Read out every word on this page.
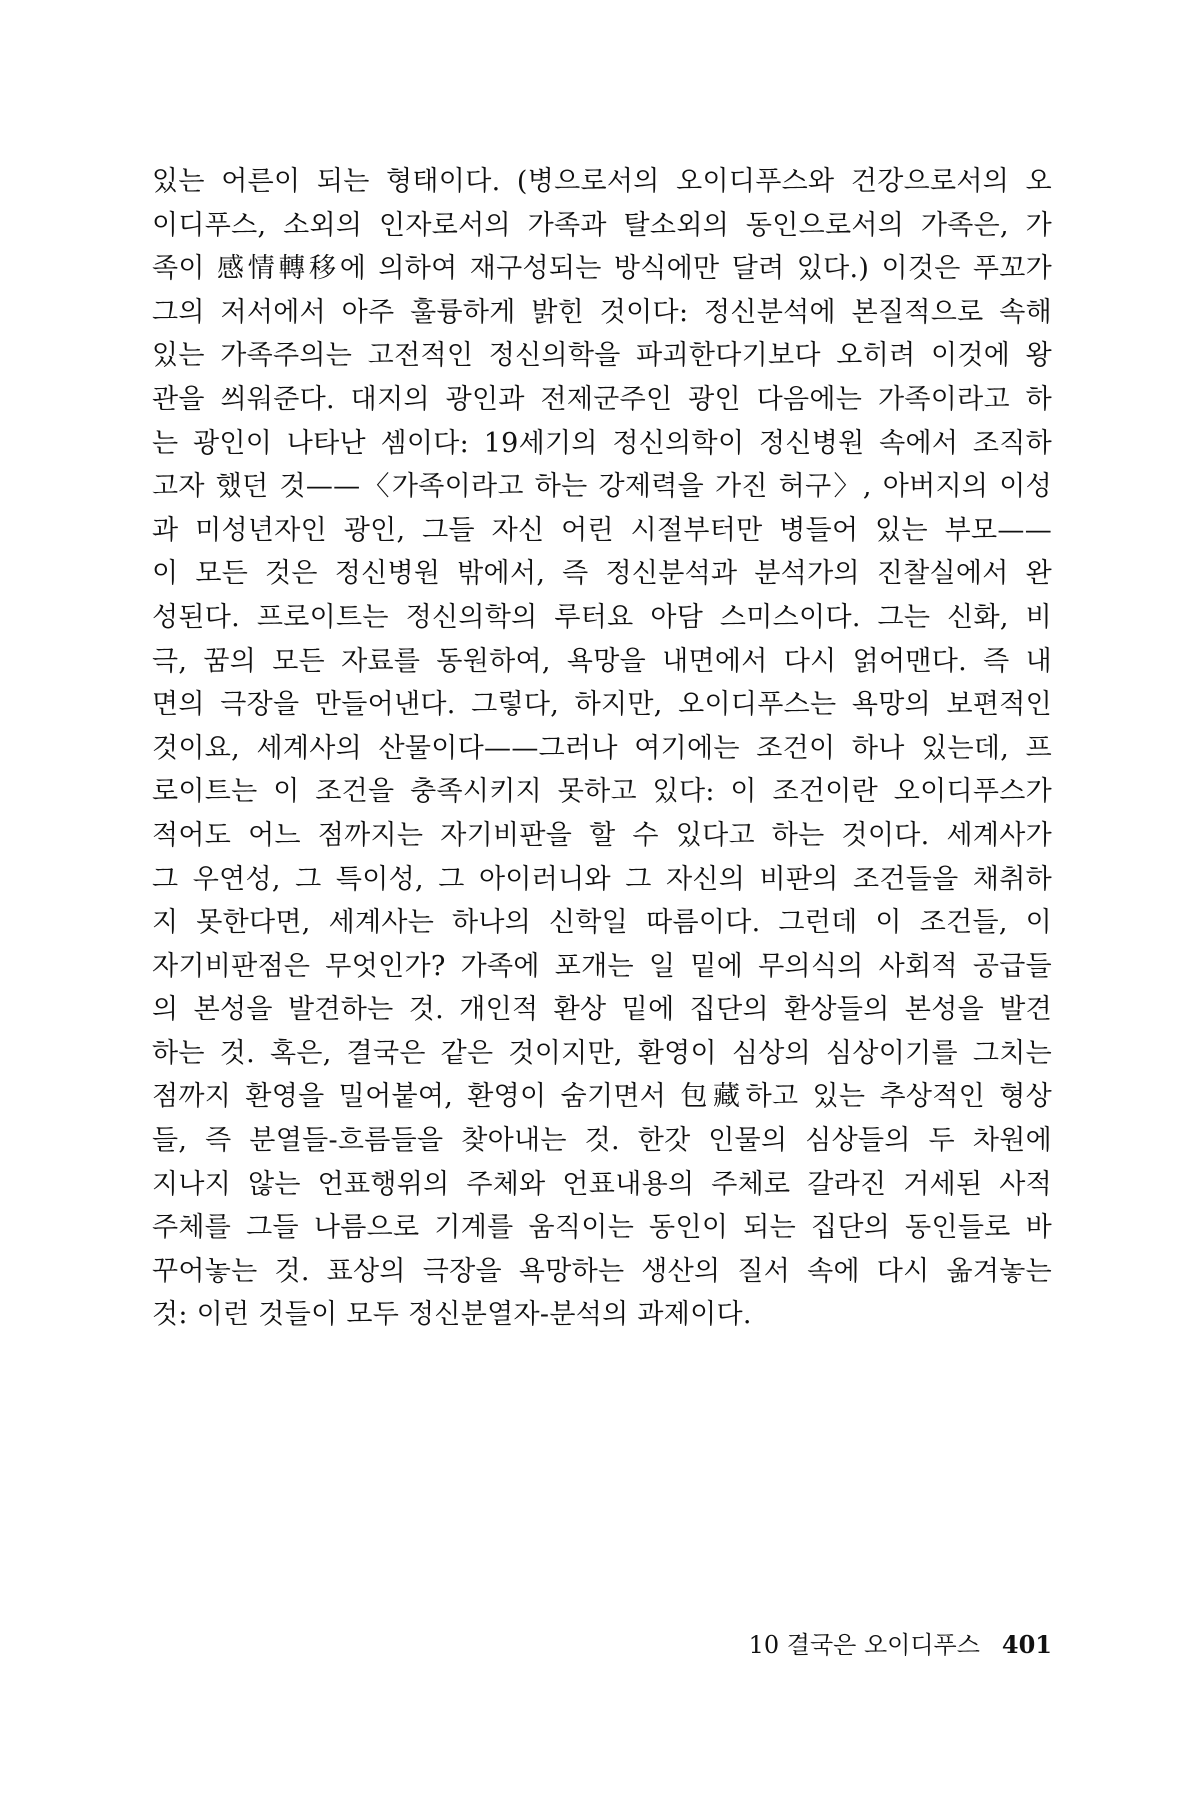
있는 어른이 되는 형태이다. (병으로서의 오이디푸스와 건강으로서의 오
이디푸스, 소외의 인자로서의 가족과 탈소외의 동인으로서의 가족은, 가
족이 感情轉移에 의하여 재구성되는 방식에만 달려 있다.) 이것은 푸꼬가
그의 저서에서 아주 훌륭하게 밝힌 것이다: 정신분석에 본질적으로 속해
있는 가족주의는 고전적인 정신의학을 파괴한다기보다 오히려 이것에 왕
관을 씌워준다. 대지의 광인과 전제군주인 광인 다음에는 가족이라고 하
는 광인이 나타난 셈이다: 19세기의 정신의학이 정신병원 속에서 조직하
고자 했던 것——〈가족이라고 하는 강제력을 가진 허구〉, 아버지의 이성
과 미성년자인 광인, 그들 자신 어린 시절부터만 병들어 있는 부모——
이 모든 것은 정신병원 밖에서, 즉 정신분석과 분석가의 진찰실에서 완
성된다. 프로이트는 정신의학의 루터요 아담 스미스이다. 그는 신화, 비
극, 꿈의 모든 자료를 동원하여, 욕망을 내면에서 다시 얽어맨다. 즉 내
면의 극장을 만들어낸다. 그렇다, 하지만, 오이디푸스는 욕망의 보편적인
것이요, 세계사의 산물이다——그러나 여기에는 조건이 하나 있는데, 프
로이트는 이 조건을 충족시키지 못하고 있다: 이 조건이란 오이디푸스가
적어도 어느 점까지는 자기비판을 할 수 있다고 하는 것이다. 세계사가
그 우연성, 그 특이성, 그 아이러니와 그 자신의 비판의 조건들을 채취하
지 못한다면, 세계사는 하나의 신학일 따름이다. 그런데 이 조건들, 이
자기비판점은 무엇인가? 가족에 포개는 일 밑에 무의식의 사회적 공급들
의 본성을 발견하는 것. 개인적 환상 밑에 집단의 환상들의 본성을 발견
하는 것. 혹은, 결국은 같은 것이지만, 환영이 심상의 심상이기를 그치는
점까지 환영을 밀어붙여, 환영이 숨기면서 包藏하고 있는 추상적인 형상
들, 즉 분열들-흐름들을 찾아내는 것. 한갓 인물의 심상들의 두 차원에
지나지 않는 언표행위의 주체와 언표내용의 주체로 갈라진 거세된 사적
주체를 그들 나름으로 기계를 움직이는 동인이 되는 집단의 동인들로 바
꾸어놓는 것. 표상의 극장을 욕망하는 생산의 질서 속에 다시 옮겨놓는
것: 이런 것들이 모두 정신분열자-분석의 과제이다.
10 결국은 오이디푸스 401
